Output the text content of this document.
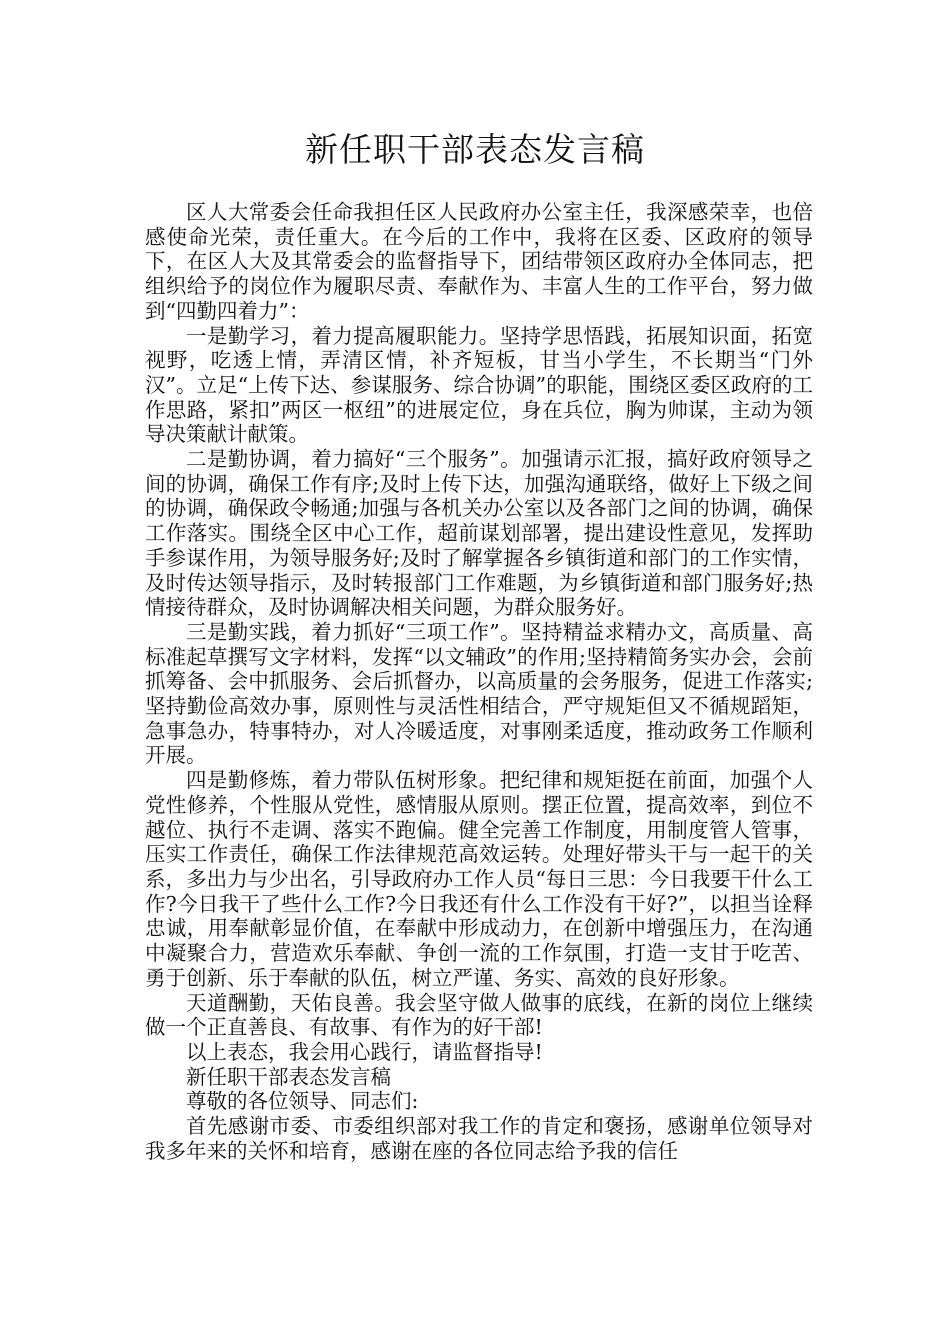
新任职干部表态发言稿

区人大常委会任命我担任区人民政府办公室主任，我深感荣幸，也倍感使命光荣，责任重大。在今后的工作中，我将在区委、区政府的领导下，在区人大及其常委会的监督指导下，团结带领区政府办全体同志，把组织给予的岗位作为履职尽责、奉献作为、丰富人生的工作平台，努力做到“四勤四着力”：

一是勤学习，着力提高履职能力。坚持学思悟践，拓展知识面，拓宽视野，吃透上情，弄清区情，补齐短板，甘当小学生，不长期当“门外汉”。立足“上传下达、参谋服务、综合协调”的职能，围绕区委区政府的工作思路，紧扣”两区一枢纽”的进展定位，身在兵位，胸为帅谋，主动为领导决策献计献策。

二是勤协调，着力搞好“三个服务”。加强请示汇报，搞好政府领导之间的协调，确保工作有序;及时上传下达，加强沟通联络，做好上下级之间的协调，确保政令畅通;加强与各机关办公室以及各部门之间的协调，确保工作落实。围绕全区中心工作，超前谋划部署，提出建设性意见，发挥助手参谋作用，为领导服务好;及时了解掌握各乡镇街道和部门的工作实情，及时传达领导指示，及时转报部门工作难题，为乡镇街道和部门服务好;热情接待群众，及时协调解决相关问题，为群众服务好。

三是勤实践，着力抓好“三项工作”。坚持精益求精办文，高质量、高标准起草撰写文字材料，发挥“以文辅政”的作用;坚持精简务实办会，会前抓筹备、会中抓服务、会后抓督办，以高质量的会务服务，促进工作落实;坚持勤俭高效办事，原则性与灵活性相结合，严守规矩但又不循规蹈矩，急事急办，特事特办，对人冷暖适度，对事刚柔适度，推动政务工作顺利开展。

四是勤修炼，着力带队伍树形象。把纪律和规矩挺在前面，加强个人党性修养，个性服从党性，感情服从原则。摆正位置，提高效率，到位不越位、执行不走调、落实不跑偏。健全完善工作制度，用制度管人管事，压实工作责任，确保工作法律规范高效运转。处理好带头干与一起干的关系，多出力与少出名，引导政府办工作人员“每日三思：今日我要干什么工作?今日我干了些什么工作?今日我还有什么工作没有干好?”，以担当诠释忠诚，用奉献彰显价值，在奉献中形成动力，在创新中增强压力，在沟通中凝聚合力，营造欢乐奉献、争创一流的工作氛围，打造一支甘于吃苦、勇于创新、乐于奉献的队伍，树立严谨、务实、高效的良好形象。

天道酬勤，天佑良善。我会坚守做人做事的底线，在新的岗位上继续做一个正直善良、有故事、有作为的好干部!

以上表态，我会用心践行，请监督指导!

新任职干部表态发言稿

尊敬的各位领导、同志们:

首先感谢市委、市委组织部对我工作的肯定和褒扬，感谢单位领导对我多年来的关怀和培育，感谢在座的各位同志给予我的信任
